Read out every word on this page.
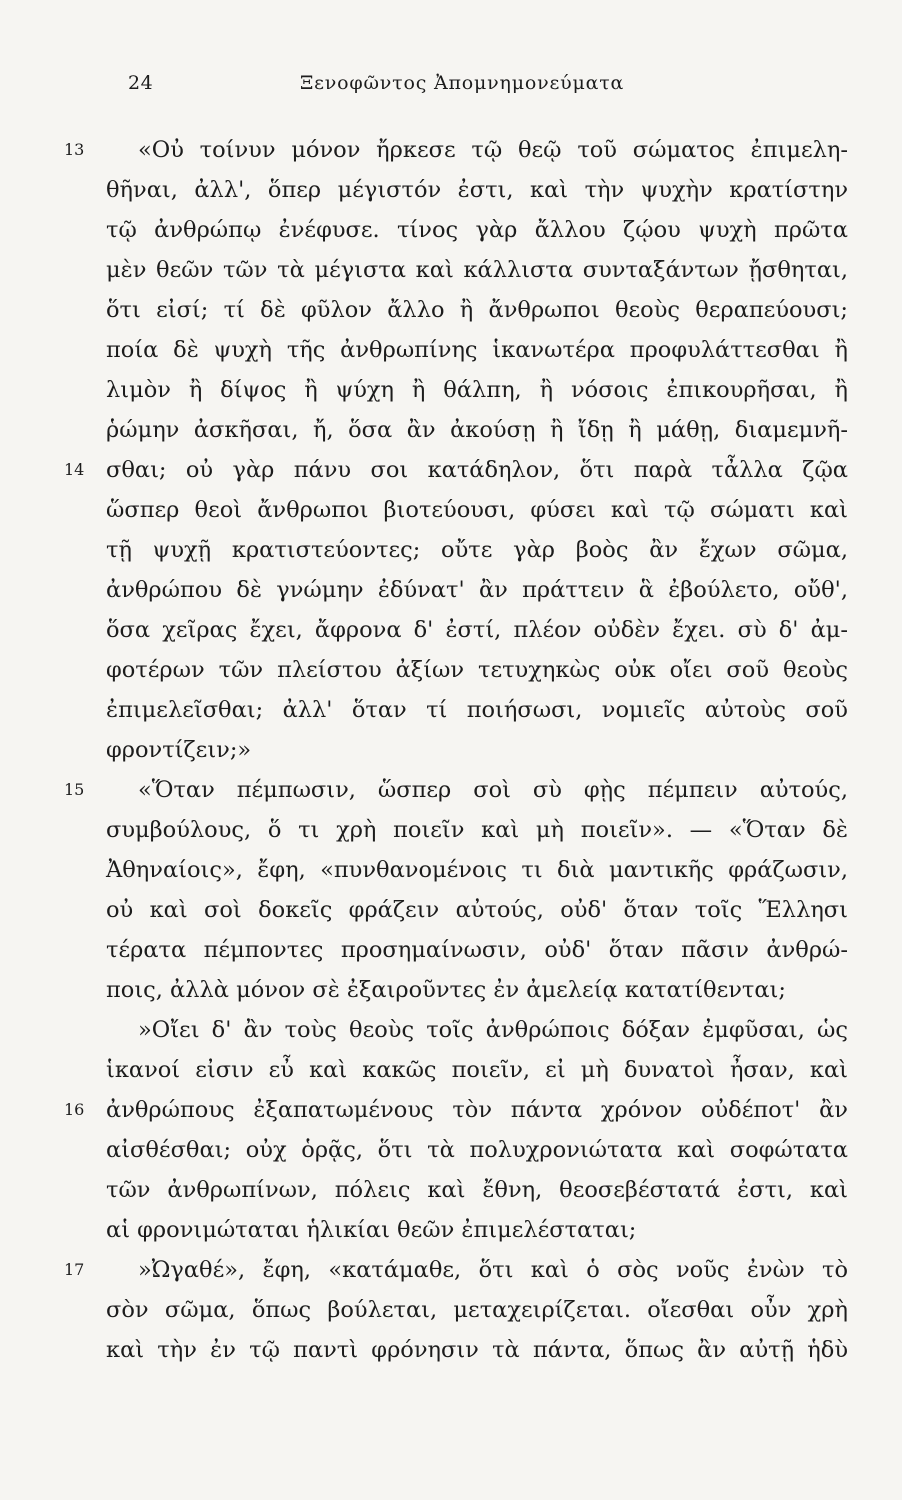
24	Ξενοφῶντος Ἀπομνημονεύματα
13
14
15
16
17
«Οὐ τοίνυν μόνον ἤρκεσε τῷ θεῷ τοῦ σώματος ἐπιμελη-
θῆναι, ἀλλ', ὅπερ μέγιστόν ἐστι, καὶ τὴν ψυχὴν κρατίστην
τῷ ἀνθρώπῳ ἐνέφυσε. τίνος γὰρ ἄλλου ζῴου ψυχὴ πρῶτα
μὲν θεῶν τῶν τὰ μέγιστα καὶ κάλλιστα συνταξάντων ᾔσθηται,
ὅτι εἰσί; τί δὲ φῦλον ἄλλο ἢ ἄνθρωποι θεοὺς θεραπεύουσι;
ποία δὲ ψυχὴ τῆς ἀνθρωπίνης ἱκανωτέρα προφυλάττεσθαι ἢ
λιμὸν ἢ δίψος ἢ ψύχη ἢ θάλπη, ἢ νόσοις ἐπικουρῆσαι, ἢ
ῥώμην ἀσκῆσαι, ἤ, ὅσα ἂν ἀκούσῃ ἢ ἴδῃ ἢ μάθῃ, διαμεμνῆ-
σθαι; οὐ γὰρ πάνυ σοι κατάδηλον, ὅτι παρὰ τἆλλα ζῷα
ὥσπερ θεοὶ ἄνθρωποι βιοτεύουσι, φύσει καὶ τῷ σώματι καὶ
τῇ ψυχῇ κρατιστεύοντες; οὔτε γὰρ βοὸς ἂν ἔχων σῶμα,
ἀνθρώπου δὲ γνώμην ἐδύνατ' ἂν πράττειν ἃ ἐβούλετο, οὔθ',
ὅσα χεῖρας ἔχει, ἄφρονα δ' ἐστί, πλέον οὐδὲν ἔχει. σὺ δ' ἀμ-
φοτέρων τῶν πλείστου ἀξίων τετυχηκὼς οὐκ οἴει σοῦ θεοὺς
ἐπιμελεῖσθαι; ἀλλ' ὅταν τί ποιήσωσι, νομιεῖς αὐτοὺς σοῦ
φροντίζειν;»
«Ὅταν πέμπωσιν, ὥσπερ σοὶ σὺ φῂς πέμπειν αὐτούς,
συμβούλους, ὅ τι χρὴ ποιεῖν καὶ μὴ ποιεῖν». — «Ὅταν δὲ
Ἀθηναίοις», ἔφη, «πυνθανομένοις τι διὰ μαντικῆς φράζωσιν,
οὐ καὶ σοὶ δοκεῖς φράζειν αὐτούς, οὐδ' ὅταν τοῖς Ἕλλησι
τέρατα πέμποντες προσημαίνωσιν, οὐδ' ὅταν πᾶσιν ἀνθρώ-
ποις, ἀλλὰ μόνον σὲ ἐξαιροῦντες ἐν ἀμελείᾳ κατατίθενται;
»Οἴει δ' ἂν τοὺς θεοὺς τοῖς ἀνθρώποις δόξαν ἐμφῦσαι, ὡς
ἱκανοί εἰσιν εὖ καὶ κακῶς ποιεῖν, εἰ μὴ δυνατοὶ ἦσαν, καὶ
ἀνθρώπους ἐξαπατωμένους τὸν πάντα χρόνον οὐδέποτ' ἂν
αἰσθέσθαι; οὐχ ὁρᾷς, ὅτι τὰ πολυχρονιώτατα καὶ σοφώτατα
τῶν ἀνθρωπίνων, πόλεις καὶ ἔθνη, θεοσεβέστατά ἐστι, καὶ
αἱ φρονιμώταται ἡλικίαι θεῶν ἐπιμελέσταται;
»Ὠγαθέ», ἔφη, «κατάμαθε, ὅτι καὶ ὁ σὸς νοῦς ἐνὼν τὸ
σὸν σῶμα, ὅπως βούλεται, μεταχειρίζεται. οἴεσθαι οὖν χρὴ
καὶ τὴν ἐν τῷ παντὶ φρόνησιν τὰ πάντα, ὅπως ἂν αὐτῇ ἡδὺ
